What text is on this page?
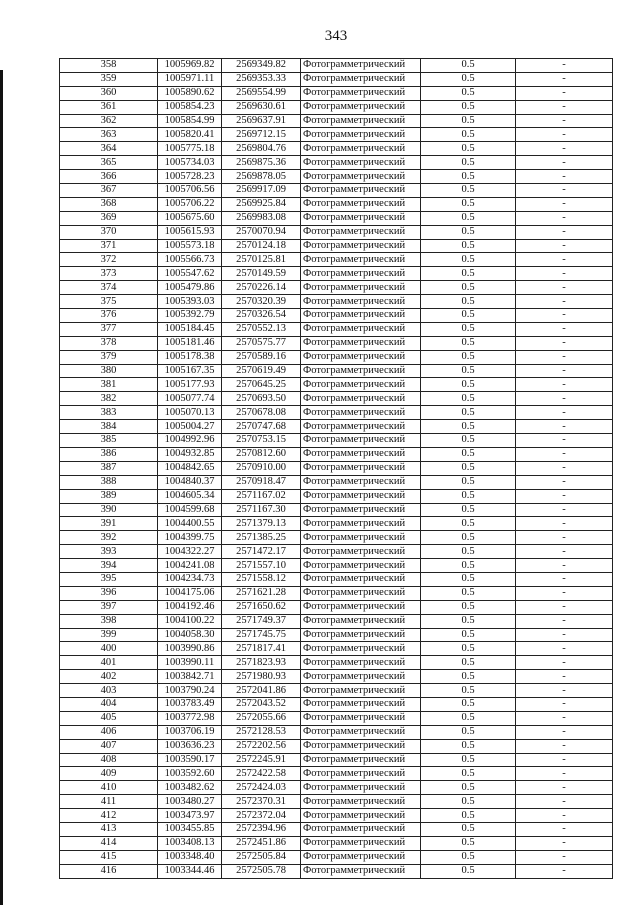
343
358	1005969.82	2569349.82	Фотограмметрический	0.5	-
359	1005971.11	2569353.33	Фотограмметрический	0.5	-
360	1005890.62	2569554.99	Фотограмметрический	0.5	-
361	1005854.23	2569630.61	Фотограмметрический	0.5	-
362	1005854.99	2569637.91	Фотограмметрический	0.5	-
363	1005820.41	2569712.15	Фотограмметрический	0.5	-
364	1005775.18	2569804.76	Фотограмметрический	0.5	-
365	1005734.03	2569875.36	Фотограмметрический	0.5	-
366	1005728.23	2569878.05	Фотограмметрический	0.5	-
367	1005706.56	2569917.09	Фотограмметрический	0.5	-
368	1005706.22	2569925.84	Фотограмметрический	0.5	-
369	1005675.60	2569983.08	Фотограмметрический	0.5	-
370	1005615.93	2570070.94	Фотограмметрический	0.5	-
371	1005573.18	2570124.18	Фотограмметрический	0.5	-
372	1005566.73	2570125.81	Фотограмметрический	0.5	-
373	1005547.62	2570149.59	Фотограмметрический	0.5	-
374	1005479.86	2570226.14	Фотограмметрический	0.5	-
375	1005393.03	2570320.39	Фотограмметрический	0.5	-
376	1005392.79	2570326.54	Фотограмметрический	0.5	-
377	1005184.45	2570552.13	Фотограмметрический	0.5	-
378	1005181.46	2570575.77	Фотограмметрический	0.5	-
379	1005178.38	2570589.16	Фотограмметрический	0.5	-
380	1005167.35	2570619.49	Фотограмметрический	0.5	-
381	1005177.93	2570645.25	Фотограмметрический	0.5	-
382	1005077.74	2570693.50	Фотограмметрический	0.5	-
383	1005070.13	2570678.08	Фотограмметрический	0.5	-
384	1005004.27	2570747.68	Фотограмметрический	0.5	-
385	1004992.96	2570753.15	Фотограмметрический	0.5	-
386	1004932.85	2570812.60	Фотограмметрический	0.5	-
387	1004842.65	2570910.00	Фотограмметрический	0.5	-
388	1004840.37	2570918.47	Фотограмметрический	0.5	-
389	1004605.34	2571167.02	Фотограмметрический	0.5	-
390	1004599.68	2571167.30	Фотограмметрический	0.5	-
391	1004400.55	2571379.13	Фотограмметрический	0.5	-
392	1004399.75	2571385.25	Фотограмметрический	0.5	-
393	1004322.27	2571472.17	Фотограмметрический	0.5	-
394	1004241.08	2571557.10	Фотограмметрический	0.5	-
395	1004234.73	2571558.12	Фотограмметрический	0.5	-
396	1004175.06	2571621.28	Фотограмметрический	0.5	-
397	1004192.46	2571650.62	Фотограмметрический	0.5	-
398	1004100.22	2571749.37	Фотограмметрический	0.5	-
399	1004058.30	2571745.75	Фотограмметрический	0.5	-
400	1003990.86	2571817.41	Фотограмметрический	0.5	-
401	1003990.11	2571823.93	Фотограмметрический	0.5	-
402	1003842.71	2571980.93	Фотограмметрический	0.5	-
403	1003790.24	2572041.86	Фотограмметрический	0.5	-
404	1003783.49	2572043.52	Фотограмметрический	0.5	-
405	1003772.98	2572055.66	Фотограмметрический	0.5	-
406	1003706.19	2572128.53	Фотограмметрический	0.5	-
407	1003636.23	2572202.56	Фотограмметрический	0.5	-
408	1003590.17	2572245.91	Фотограмметрический	0.5	-
409	1003592.60	2572422.58	Фотограмметрический	0.5	-
410	1003482.62	2572424.03	Фотограмметрический	0.5	-
411	1003480.27	2572370.31	Фотограмметрический	0.5	-
412	1003473.97	2572372.04	Фотограмметрический	0.5	-
413	1003455.85	2572394.96	Фотограмметрический	0.5	-
414	1003408.13	2572451.86	Фотограмметрический	0.5	-
415	1003348.40	2572505.84	Фотограмметрический	0.5	-
416	1003344.46	2572505.78	Фотограмметрический	0.5	-
